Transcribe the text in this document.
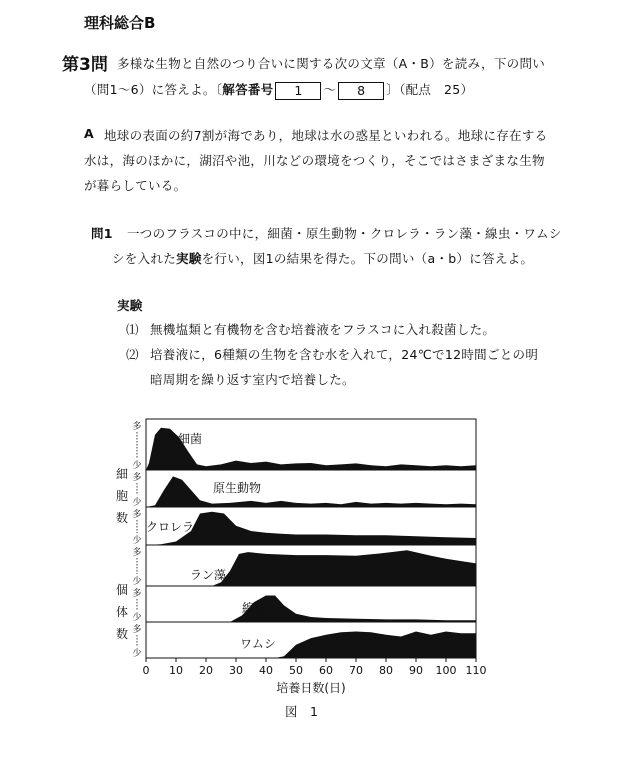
理科総合B
第3問 多様な生物と自然のつり合いに関する次の文章（A・B）を読み，下の問い
（問1～6）に答えよ。〔解答番号 1 ～ 8 〕（配点　25）
A 地球の表面の約7割が海であり，地球は水の惑星といわれる。地球に存在する
水は，海のほかに，湖沼や池，川などの環境をつくり，そこではさまざまな生物
が暮らしている。
問1 一つのフラスコの中に，細菌・原生動物・クロレラ・ラン藻・線虫・ワムシ
シを入れた実験を行い，図1の結果を得た。下の問い（a・b）に答えよ。
実験
⑴ 無機塩類と有機物を含む培養液をフラスコに入れ殺菌した。
⑵ 培養液に，6種類の生物を含む水を入れて，24℃で12時間ごとの明
暗周期を繰り返す室内で培養した。
細菌
多
少
原生動物
多
少
クロレラ
多
少
ラン藻
多
少
線虫
多
少
ワムシ
多
少
細
胞
数
個
体
数
0 10 20 30 40 50 60 70 80 90 100 110
培養日数(日)
図　1
